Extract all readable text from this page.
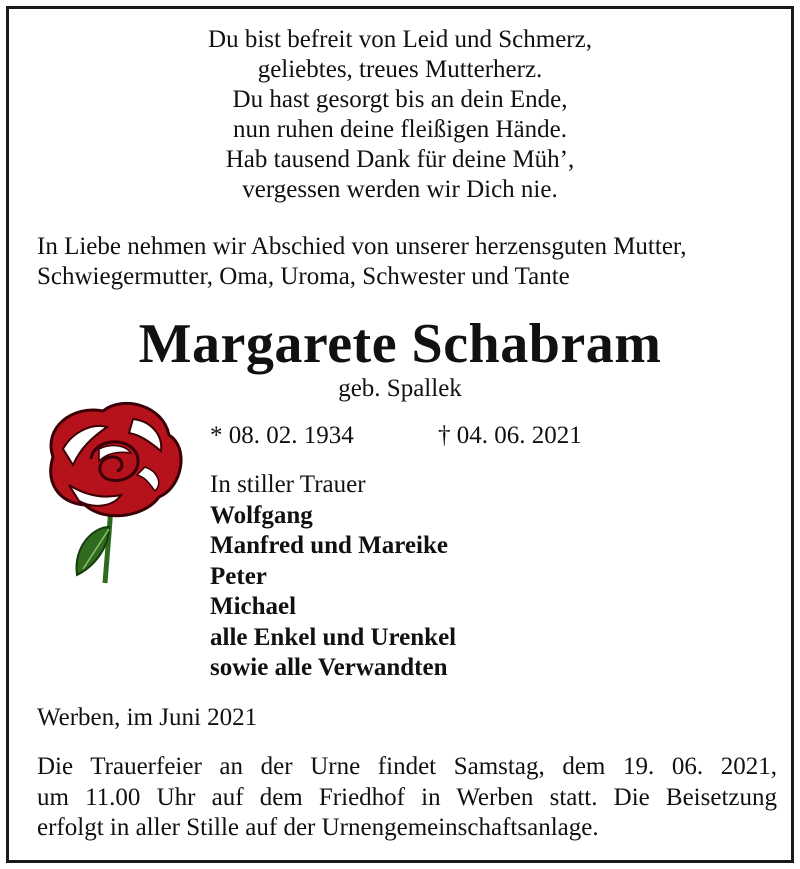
Du bist befreit von Leid und Schmerz,
geliebtes, treues Mutterherz.
Du hast gesorgt bis an dein Ende,
nun ruhen deine fleißigen Hände.
Hab tausend Dank für deine Müh’,
vergessen werden wir Dich nie.
In Liebe nehmen wir Abschied von unserer herzensguten Mutter,
Schwiegermutter, Oma, Uroma, Schwester und Tante
Margarete Schabram
geb. Spallek
* 08. 02. 1934	† 04. 06. 2021
In stiller Trauer
Wolfgang
Manfred und Mareike
Peter
Michael
alle Enkel und Urenkel
sowie alle Verwandten
Werben, im Juni 2021
Die Trauerfeier an der Urne findet Samstag, dem 19. 06. 2021,
um 11.00 Uhr auf dem Friedhof in Werben statt. Die Beisetzung
erfolgt in aller Stille auf der Urnengemeinschaftsanlage.
